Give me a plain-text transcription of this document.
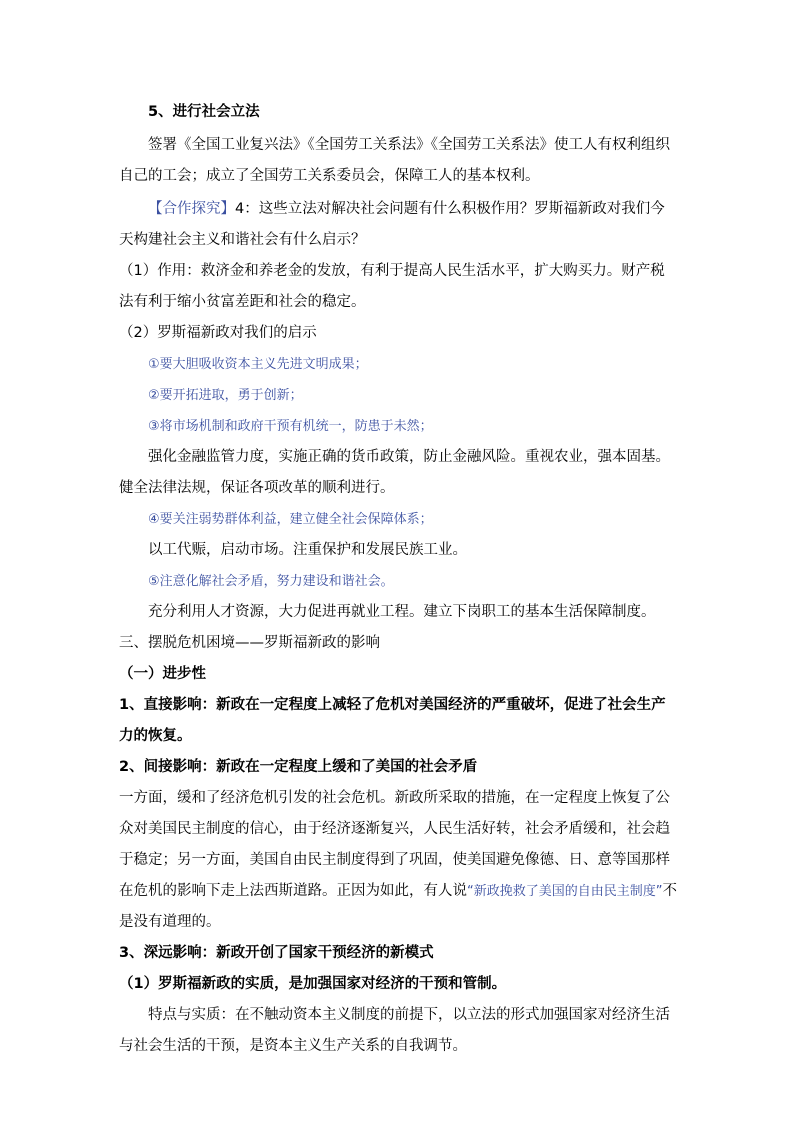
5、进行社会立法

签署《全国工业复兴法》《全国劳工关系法》《全国劳工关系法》使工人有权利组织自己的工会；成立了全国劳工关系委员会，保障工人的基本权利。

【合作探究】4：这些立法对解决社会问题有什么积极作用？罗斯福新政对我们今天构建社会主义和谐社会有什么启示？

（1）作用：救济金和养老金的发放，有利于提高人民生活水平，扩大购买力。财产税法有利于缩小贫富差距和社会的稳定。

（2）罗斯福新政对我们的启示

①要大胆吸收资本主义先进文明成果；

②要开拓进取，勇于创新；

③将市场机制和政府干预有机统一，防患于未然；

强化金融监管力度，实施正确的货币政策，防止金融风险。重视农业，强本固基。健全法律法规，保证各项改革的顺利进行。

④要关注弱势群体利益，建立健全社会保障体系；

以工代赈，启动市场。注重保护和发展民族工业。

⑤注意化解社会矛盾，努力建设和谐社会。

充分利用人才资源，大力促进再就业工程。建立下岗职工的基本生活保障制度。

三、摆脱危机困境——罗斯福新政的影响

（一）进步性

1、直接影响：新政在一定程度上减轻了危机对美国经济的严重破坏，促进了社会生产力的恢复。

2、间接影响：新政在一定程度上缓和了美国的社会矛盾

一方面，缓和了经济危机引发的社会危机。新政所采取的措施，在一定程度上恢复了公众对美国民主制度的信心，由于经济逐渐复兴，人民生活好转，社会矛盾缓和，社会趋于稳定；另一方面，美国自由民主制度得到了巩固，使美国避免像德、日、意等国那样在危机的影响下走上法西斯道路。正因为如此，有人说“新政挽救了美国的自由民主制度”不是没有道理的。

3、深远影响：新政开创了国家干预经济的新模式

（1）罗斯福新政的实质，是加强国家对经济的干预和管制。

特点与实质：在不触动资本主义制度的前提下，以立法的形式加强国家对经济生活与社会生活的干预，是资本主义生产关系的自我调节。
